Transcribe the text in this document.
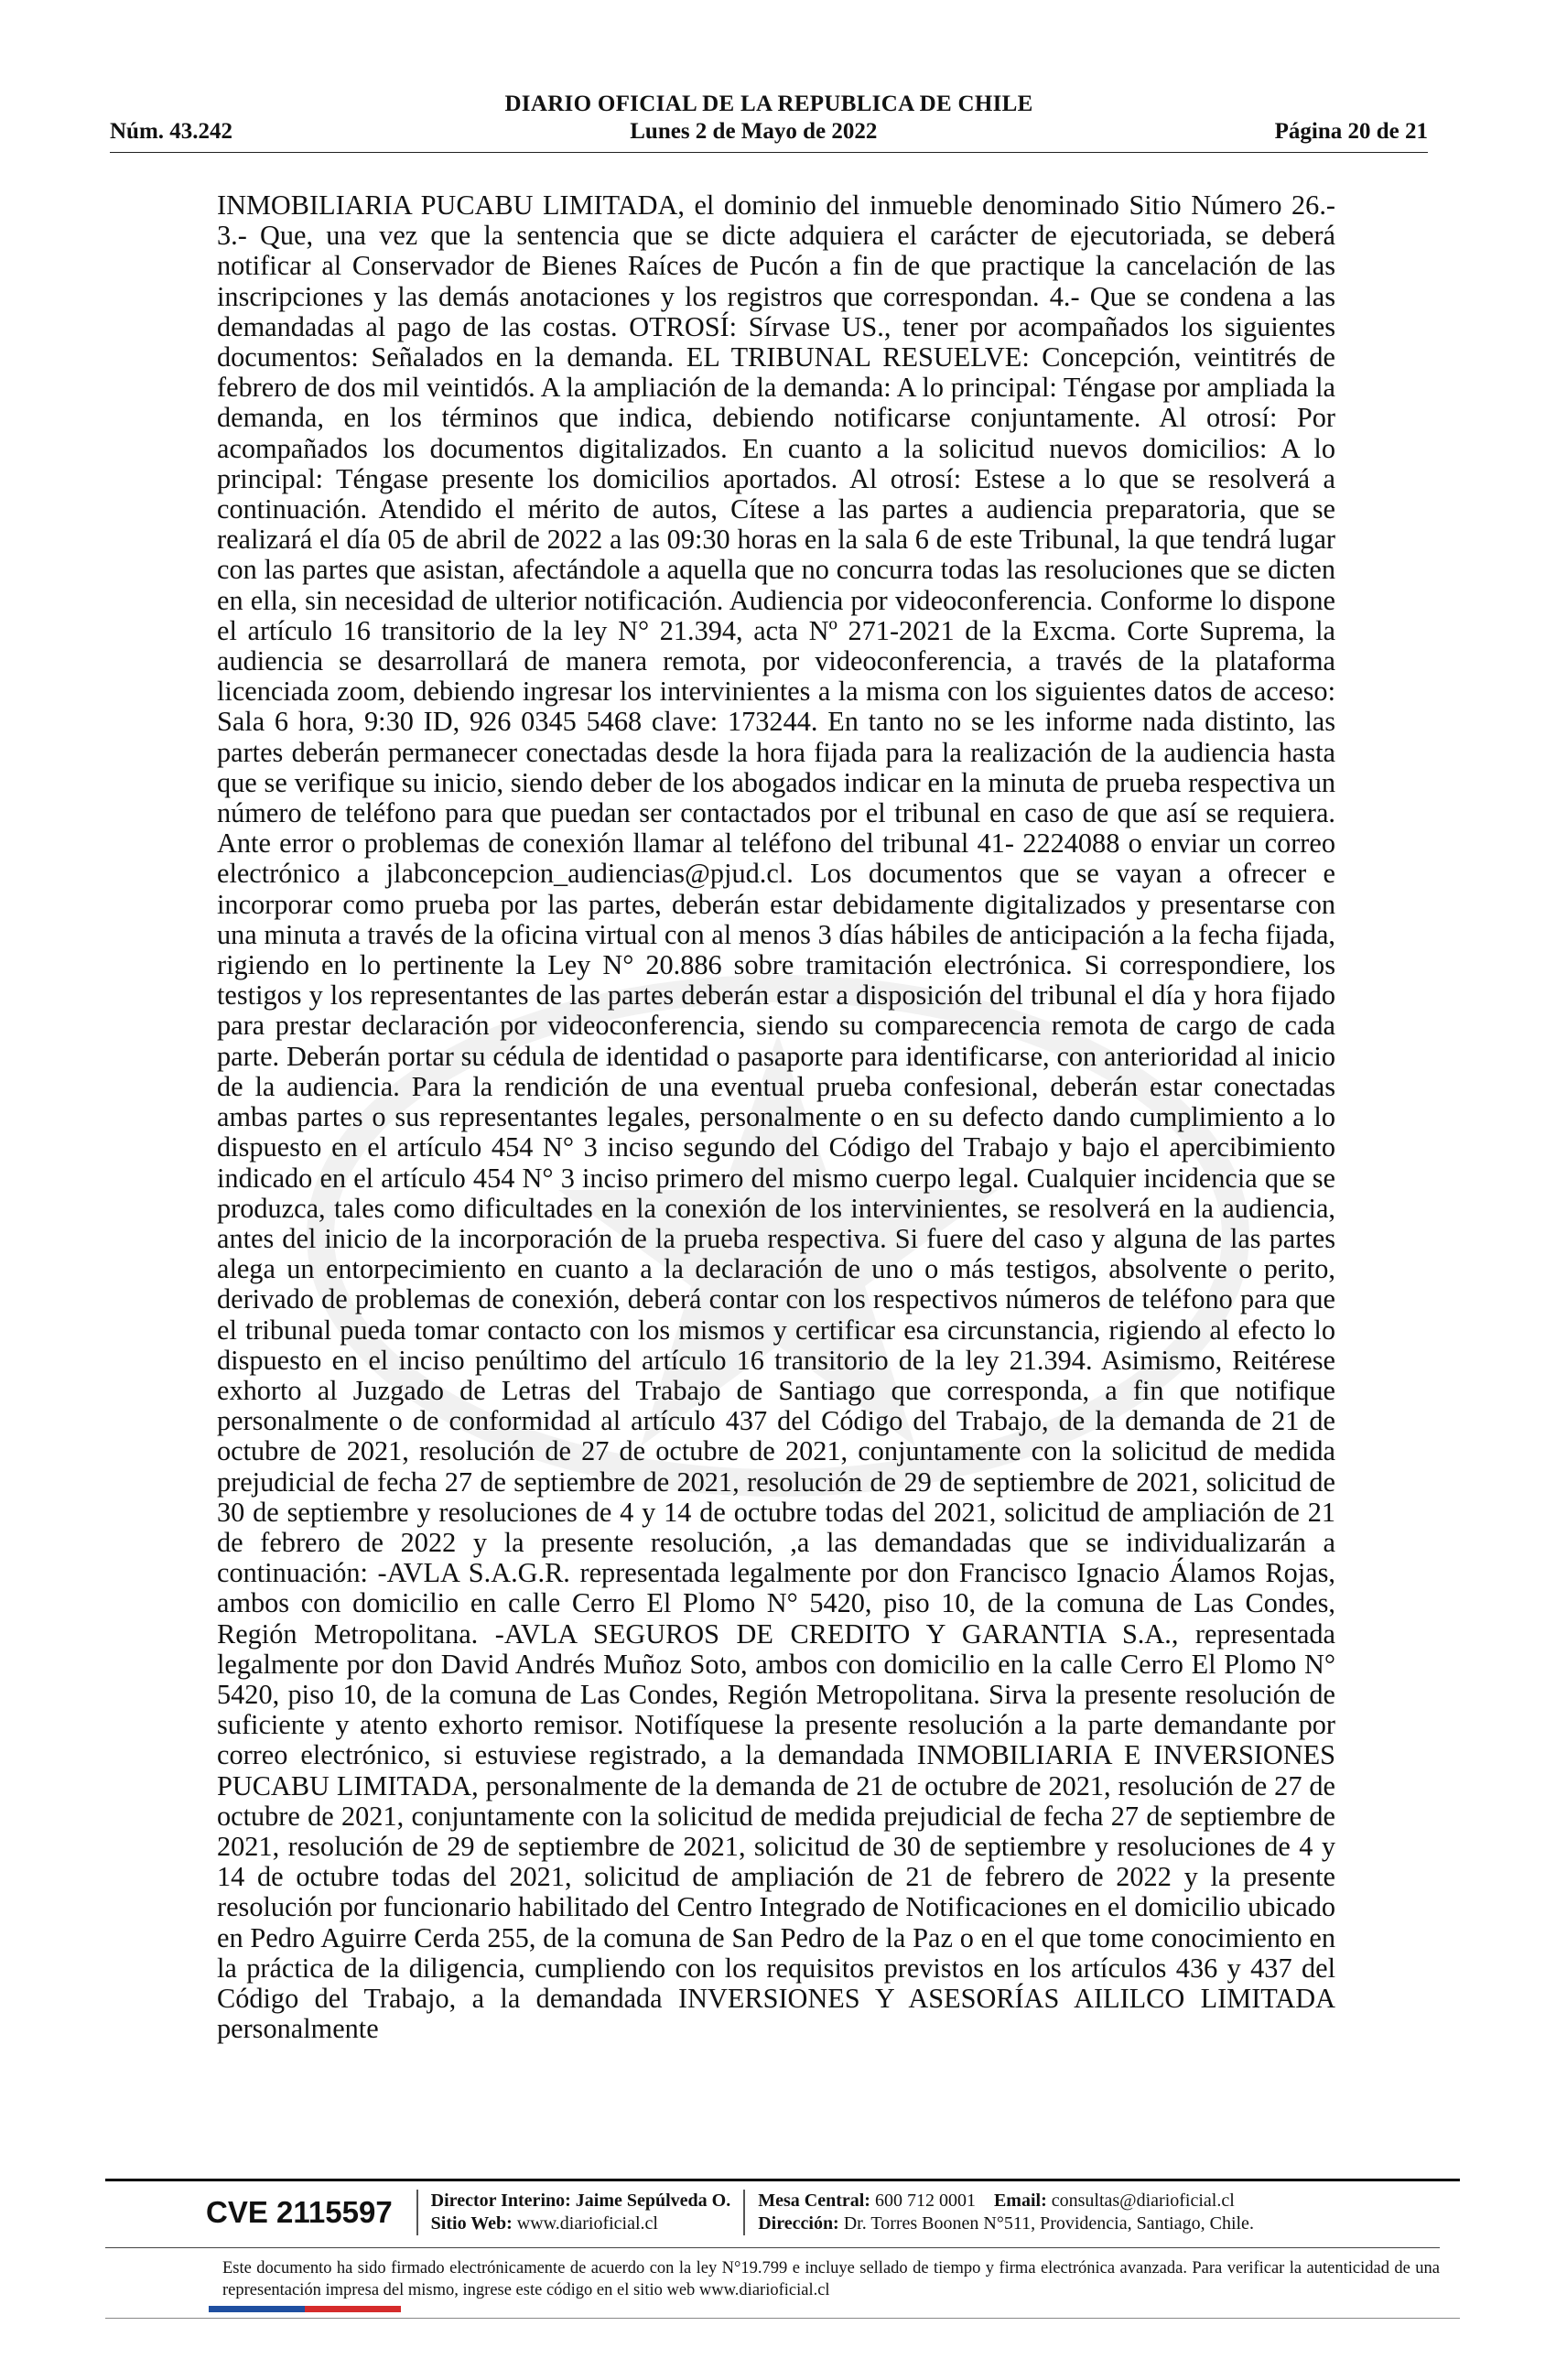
DIARIO OFICIAL DE LA REPUBLICA DE CHILE
Núm. 43.242	Lunes 2 de Mayo de 2022	Página 20 de 21
INMOBILIARIA PUCABU LIMITADA, el dominio del inmueble denominado Sitio Número 26.- 3.- Que, una vez que la sentencia que se dicte adquiera el carácter de ejecutoriada, se deberá notificar al Conservador de Bienes Raíces de Pucón a fin de que practique la cancelación de las inscripciones y las demás anotaciones y los registros que correspondan. 4.- Que se condena a las demandadas al pago de las costas. OTROSÍ: Sírvase US., tener por acompañados los siguientes documentos: Señalados en la demanda. EL TRIBUNAL RESUELVE: Concepción, veintitrés de febrero de dos mil veintidós. A la ampliación de la demanda: A lo principal: Téngase por ampliada la demanda, en los términos que indica, debiendo notificarse conjuntamente. Al otrosí: Por acompañados los documentos digitalizados. En cuanto a la solicitud nuevos domicilios: A lo principal: Téngase presente los domicilios aportados. Al otrosí: Estese a lo que se resolverá a continuación. Atendido el mérito de autos, Cítese a las partes a audiencia preparatoria, que se realizará el día 05 de abril de 2022 a las 09:30 horas en la sala 6 de este Tribunal, la que tendrá lugar con las partes que asistan, afectándole a aquella que no concurra todas las resoluciones que se dicten en ella, sin necesidad de ulterior notificación. Audiencia por videoconferencia. Conforme lo dispone el artículo 16 transitorio de la ley N° 21.394, acta Nº 271-2021 de la Excma. Corte Suprema, la audiencia se desarrollará de manera remota, por videoconferencia, a través de la plataforma licenciada zoom, debiendo ingresar los intervinientes a la misma con los siguientes datos de acceso: Sala 6 hora, 9:30 ID, 926 0345 5468 clave: 173244. En tanto no se les informe nada distinto, las partes deberán permanecer conectadas desde la hora fijada para la realización de la audiencia hasta que se verifique su inicio, siendo deber de los abogados indicar en la minuta de prueba respectiva un número de teléfono para que puedan ser contactados por el tribunal en caso de que así se requiera. Ante error o problemas de conexión llamar al teléfono del tribunal 41- 2224088 o enviar un correo electrónico a jlabconcepcion_audiencias@pjud.cl. Los documentos que se vayan a ofrecer e incorporar como prueba por las partes, deberán estar debidamente digitalizados y presentarse con una minuta a través de la oficina virtual con al menos 3 días hábiles de anticipación a la fecha fijada, rigiendo en lo pertinente la Ley N° 20.886 sobre tramitación electrónica. Si correspondiere, los testigos y los representantes de las partes deberán estar a disposición del tribunal el día y hora fijado para prestar declaración por videoconferencia, siendo su comparecencia remota de cargo de cada parte. Deberán portar su cédula de identidad o pasaporte para identificarse, con anterioridad al inicio de la audiencia. Para la rendición de una eventual prueba confesional, deberán estar conectadas ambas partes o sus representantes legales, personalmente o en su defecto dando cumplimiento a lo dispuesto en el artículo 454 N° 3 inciso segundo del Código del Trabajo y bajo el apercibimiento indicado en el artículo 454 N° 3 inciso primero del mismo cuerpo legal. Cualquier incidencia que se produzca, tales como dificultades en la conexión de los intervinientes, se resolverá en la audiencia, antes del inicio de la incorporación de la prueba respectiva. Si fuere del caso y alguna de las partes alega un entorpecimiento en cuanto a la declaración de uno o más testigos, absolvente o perito, derivado de problemas de conexión, deberá contar con los respectivos números de teléfono para que el tribunal pueda tomar contacto con los mismos y certificar esa circunstancia, rigiendo al efecto lo dispuesto en el inciso penúltimo del artículo 16 transitorio de la ley 21.394. Asimismo, Reitérese exhorto al Juzgado de Letras del Trabajo de Santiago que corresponda, a fin que notifique personalmente o de conformidad al artículo 437 del Código del Trabajo, de la demanda de 21 de octubre de 2021, resolución de 27 de octubre de 2021, conjuntamente con la solicitud de medida prejudicial de fecha 27 de septiembre de 2021, resolución de 29 de septiembre de 2021, solicitud de 30 de septiembre y resoluciones de 4 y 14 de octubre todas del 2021, solicitud de ampliación de 21 de febrero de 2022 y la presente resolución, ,a las demandadas que se individualizarán a continuación: -AVLA S.A.G.R. representada legalmente por don Francisco Ignacio Álamos Rojas, ambos con domicilio en calle Cerro El Plomo N° 5420, piso 10, de la comuna de Las Condes, Región Metropolitana. -AVLA SEGUROS DE CREDITO Y GARANTIA S.A., representada legalmente por don David Andrés Muñoz Soto, ambos con domicilio en la calle Cerro El Plomo N° 5420, piso 10, de la comuna de Las Condes, Región Metropolitana. Sirva la presente resolución de suficiente y atento exhorto remisor. Notifíquese la presente resolución a la parte demandante por correo electrónico, si estuviese registrado, a la demandada INMOBILIARIA E INVERSIONES PUCABU LIMITADA, personalmente de la demanda de 21 de octubre de 2021, resolución de 27 de octubre de 2021, conjuntamente con la solicitud de medida prejudicial de fecha 27 de septiembre de 2021, resolución de 29 de septiembre de 2021, solicitud de 30 de septiembre y resoluciones de 4 y 14 de octubre todas del 2021, solicitud de ampliación de 21 de febrero de 2022 y la presente resolución por funcionario habilitado del Centro Integrado de Notificaciones en el domicilio ubicado en Pedro Aguirre Cerda 255, de la comuna de San Pedro de la Paz o en el que tome conocimiento en la práctica de la diligencia, cumpliendo con los requisitos previstos en los artículos 436 y 437 del Código del Trabajo, a la demandada INVERSIONES Y ASESORÍAS AILILCO LIMITADA personalmente
CVE 2115597 Director Interino: Jaime Sepúlveda O.
Sitio Web: www.diarioficial.cl
Mesa Central: 600 712 0001 Email: consultas@diarioficial.cl
Dirección: Dr. Torres Boonen N°511, Providencia, Santiago, Chile.
Este documento ha sido firmado electrónicamente de acuerdo con la ley N°19.799 e incluye sellado de tiempo y firma electrónica avanzada. Para verificar la autenticidad de una representación impresa del mismo, ingrese este código en el sitio web www.diarioficial.cl
